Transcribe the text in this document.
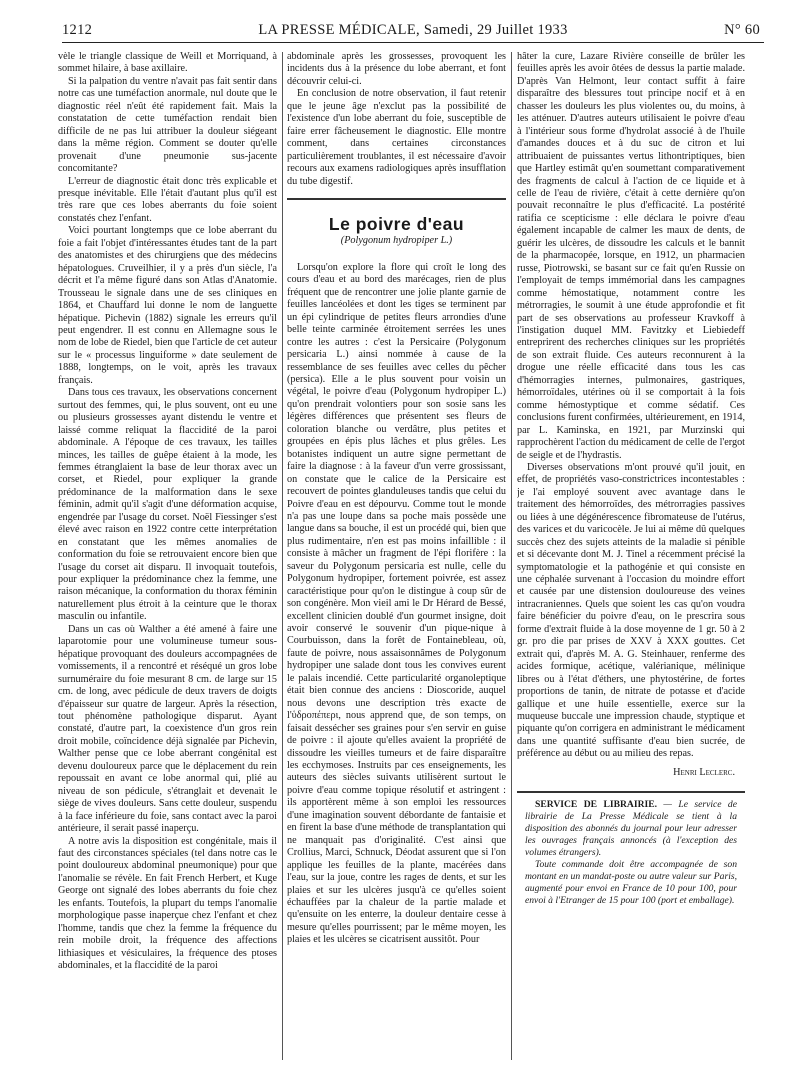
1212	LA PRESSE MÉDICALE, Samedi, 29 Juillet 1933	N° 60

vèle le triangle classique de Weill et Morriquand, à sommet hilaire, à base axillaire.

Si la palpation du ventre n'avait pas fait sentir dans notre cas une tuméfaction anormale, nul doute que le diagnostic réel n'eût été rapidement fait. Mais la constatation de cette tuméfaction rendait bien difficile de ne pas lui attribuer la douleur siégeant dans la même région. Comment se douter qu'elle provenait d'une pneumonie sus-jacente concomitante?

L'erreur de diagnostic était donc très explicable et presque inévitable. Elle l'était d'autant plus qu'il est très rare que ces lobes aberrants du foie soient constatés chez l'enfant.

Voici pourtant longtemps que ce lobe aberrant du foie a fait l'objet d'intéressantes études tant de la part des anatomistes et des chirurgiens que des médecins hépatologues. Cruveilhier, il y a près d'un siècle, l'a décrit et l'a même figuré dans son Atlas d'Anatomie. Trousseau le signale dans une de ses cliniques en 1864, et Chauffard lui donne le nom de languette hépatique. Pichevin (1882) signale les erreurs qu'il peut engendrer. Il est connu en Allemagne sous le nom de lobe de Riedel, bien que l'article de cet auteur sur le « processus linguiforme » date seulement de 1888, longtemps, on le voit, après les travaux français.

Dans tous ces travaux, les observations concernent surtout des femmes, qui, le plus souvent, ont eu une ou plusieurs grossesses ayant distendu le ventre et laissé comme reliquat la flaccidité de la paroi abdominale. A l'époque de ces travaux, les tailles minces, les tailles de guêpe étaient à la mode, les femmes étranglaient la base de leur thorax avec un corset, et Riedel, pour expliquer la grande prédominance de la malformation dans le sexe féminin, admit qu'il s'agit d'une déformation acquise, engendrée par l'usage du corset. Noël Fiessinger s'est élevé avec raison en 1922 contre cette interprétation en constatant que les mêmes anomalies de conformation du foie se retrouvaient encore bien que l'usage du corset ait disparu. Il invoquait toutefois, pour expliquer la prédominance chez la femme, une raison mécanique, la conformation du thorax féminin naturellement plus étroit à la ceinture que le thorax masculin ou infantile.

Dans un cas où Walther a été amené à faire une laparotomie pour une volumineuse tumeur sous-hépatique provoquant des douleurs accompagnées de vomissements, il a rencontré et réséqué un gros lobe surnuméraire du foie mesurant 8 cm. de large sur 15 cm. de long, avec pédicule de deux travers de doigts d'épaisseur sur quatre de largeur. Après la résection, tout phénomène pathologique disparut. Ayant constaté, d'autre part, la coexistence d'un gros rein droit mobile, coïncidence déjà signalée par Pichevin, Walther pense que ce lobe aberrant congénital est devenu douloureux parce que le déplacement du rein repoussait en avant ce lobe anormal qui, plié au niveau de son pédicule, s'étranglait et devenait le siège de vives douleurs. Sans cette douleur, suspendu à la face inférieure du foie, sans contact avec la paroi antérieure, il serait passé inaperçu.

A notre avis la disposition est congénitale, mais il faut des circonstances spéciales (tel dans notre cas le point douloureux abdominal pneumonique) pour que l'anomalie se révèle. En fait French Herbert, et Kuge George ont signalé des lobes aberrants du foie chez les enfants. Toutefois, la plupart du temps l'anomalie morphologique passe inaperçue chez l'enfant et chez l'homme, tandis que chez la femme la fréquence du rein mobile droit, la fréquence des affections lithiasiques et vésiculaires, la fréquence des ptoses abdominales, et la flaccidité de la paroi

abdominale après les grossesses, provoquent les incidents dus à la présence du lobe aberrant, et font découvrir celui-ci.

En conclusion de notre observation, il faut retenir que le jeune âge n'exclut pas la possibilité de l'existence d'un lobe aberrant du foie, susceptible de faire errer fâcheusement le diagnostic. Elle montre comment, dans certaines circonstances particulièrement troublantes, il est nécessaire d'avoir recours aux examens radiologiques après insufflation du tube digestif.

Le poivre d'eau
(Polygonum hydropiper L.)

Lorsqu'on explore la flore qui croît le long des cours d'eau et au bord des marécages, rien de plus fréquent que de rencontrer une jolie plante garnie de feuilles lancéolées et dont les tiges se terminent par un épi cylindrique de petites fleurs arrondies d'une belle teinte carminée étroitement serrées les unes contre les autres : c'est la Persicaire (Polygonum persicaria L.) ainsi nommée à cause de la ressemblance de ses feuilles avec celles du pêcher (persica). Elle a le plus souvent pour voisin un végétal, le poivre d'eau (Polygonum hydropiper L.) qu'on prendrait volontiers pour son sosie sans les légères différences que présentent ses fleurs de coloration blanche ou verdâtre, plus petites et groupées en épis plus lâches et plus grêles. Les botanistes indiquent un autre signe permettant de faire la diagnose : à la faveur d'un verre grossissant, on constate que le calice de la Persicaire est recouvert de pointes glanduleuses tandis que celui du Poivre d'eau en est dépourvu. Comme tout le monde n'a pas une loupe dans sa poche mais possède une langue dans sa bouche, il est un procédé qui, bien que plus rudimentaire, n'en est pas moins infaillible : il consiste à mâcher un fragment de l'épi florifère : la saveur du Polygonum persicaria est nulle, celle du Polygonum hydropiper, fortement poivrée, est assez caractéristique pour qu'on le distingue à coup sûr de son congénère. Mon vieil ami le Dr Hérard de Bessé, excellent clinicien doublé d'un gourmet insigne, doit avoir conservé le souvenir d'un pique-nique à Courbuisson, dans la forêt de Fontainebleau, où, faute de poivre, nous assaisonnâmes de Polygonum hydropiper une salade dont tous les convives eurent le palais incendié. Cette particularité organoleptique était bien connue des anciens : Dioscoride, auquel nous devons une description très exacte de l'ὑδροπέπερι, nous apprend que, de son temps, on faisait dessécher ses graines pour s'en servir en guise de poivre : il ajoute qu'elles avaient la propriété de dissoudre les vieilles tumeurs et de faire disparaître les ecchymoses. Instruits par ces enseignements, les auteurs des siècles suivants utilisèrent surtout le poivre d'eau comme topique résolutif et astringent : ils apportèrent même à son emploi les ressources d'une imagination souvent débordante de fantaisie et en firent la base d'une méthode de transplantation qui ne manquait pas d'originalité. C'est ainsi que Crollius, Marci, Schnuck, Déodat assurent que si l'on applique les feuilles de la plante, macérées dans l'eau, sur la joue, contre les rages de dents, et sur les plaies et sur les ulcères jusqu'à ce qu'elles soient échauffées par la chaleur de la partie malade et qu'ensuite on les enterre, la douleur dentaire cesse à mesure qu'elles pourrissent; par le même moyen, les plaies et les ulcères se cicatrisent aussitôt. Pour

hâter la cure, Lazare Rivière conseille de brûler les feuilles après les avoir ôtées de dessus la partie malade. D'après Van Helmont, leur contact suffit à faire disparaître des blessures tout principe nocif et à en chasser les douleurs les plus violentes ou, du moins, à les atténuer. D'autres auteurs utilisaient le poivre d'eau à l'intérieur sous forme d'hydrolat associé à de l'huile d'amandes douces et à du suc de citron et lui attribuaient de puissantes vertus lithontriptiques, bien que Hartley estimât qu'en soumettant comparativement des fragments de calcul à l'action de ce liquide et à celle de l'eau de rivière, c'était à cette dernière qu'on pouvait reconnaître le plus d'efficacité. La postérité ratifia ce scepticisme : elle déclara le poivre d'eau également incapable de calmer les maux de dents, de guérir les ulcères, de dissoudre les calculs et le bannit de la pharmacopée, lorsque, en 1912, un pharmacien russe, Piotrowski, se basant sur ce fait qu'en Russie on l'employait de temps immémorial dans les campagnes comme hémostatique, notamment contre les métrorragies, le soumit à une étude approfondie et fit part de ses observations au professeur Kravkoff à l'instigation duquel MM. Favitzky et Liebiedeff entreprirent des recherches cliniques sur les propriétés de son extrait fluide. Ces auteurs reconnurent à la drogue une réelle efficacité dans tous les cas d'hémorragies internes, pulmonaires, gastriques, hémorroïdales, utérines où il se comportait à la fois comme hémostyptique et comme sédatif. Ces conclusions furent confirmées, ultérieurement, en 1914, par L. Kaminska, en 1921, par Murzinski qui rapprochèrent l'action du médicament de celle de l'ergot de seigle et de l'hydrastis.

Diverses observations m'ont prouvé qu'il jouit, en effet, de propriétés vaso-constrictrices incontestables : je l'ai employé souvent avec avantage dans le traitement des hémorroïdes, des métrorragies passives ou liées à une dégénérescence fibromateuse de l'utérus, des varices et du varicocèle. Je lui ai même dû quelques succès chez des sujets atteints de la maladie si pénible et si décevante dont M. J. Tinel a récemment précisé la symptomatologie et la pathogénie et qui consiste en une céphalée survenant à l'occasion du moindre effort et causée par une distension douloureuse des veines intracraniennes. Quels que soient les cas qu'on voudra faire bénéficier du poivre d'eau, on le prescrira sous forme d'extrait fluide à la dose moyenne de 1 gr. 50 à 2 gr. pro die par prises de XXV à XXX gouttes. Cet extrait qui, d'après M. A. G. Steinhauer, renferme des acides formique, acétique, valérianique, mélinique libres ou à l'état d'éthers, une phytostérine, de fortes proportions de tanin, de nitrate de potasse et d'acide gallique et une huile essentielle, exerce sur la muqueuse buccale une impression chaude, styptique et piquante qu'on corrigera en administrant le médicament dans une quantité suffisante d'eau bien sucrée, de préférence au début ou au milieu des repas.

Henri Leclerc.

SERVICE DE LIBRAIRIE. — Le service de librairie de La Presse Médicale se tient à la disposition des abonnés du journal pour leur adresser les ouvrages français annoncés (à l'exception des volumes étrangers).

Toute commande doit être accompagnée de son montant en un mandat-poste ou autre valeur sur Paris, augmenté pour envoi en France de 10 pour 100, pour envoi à l'Etranger de 15 pour 100 (port et emballage).
